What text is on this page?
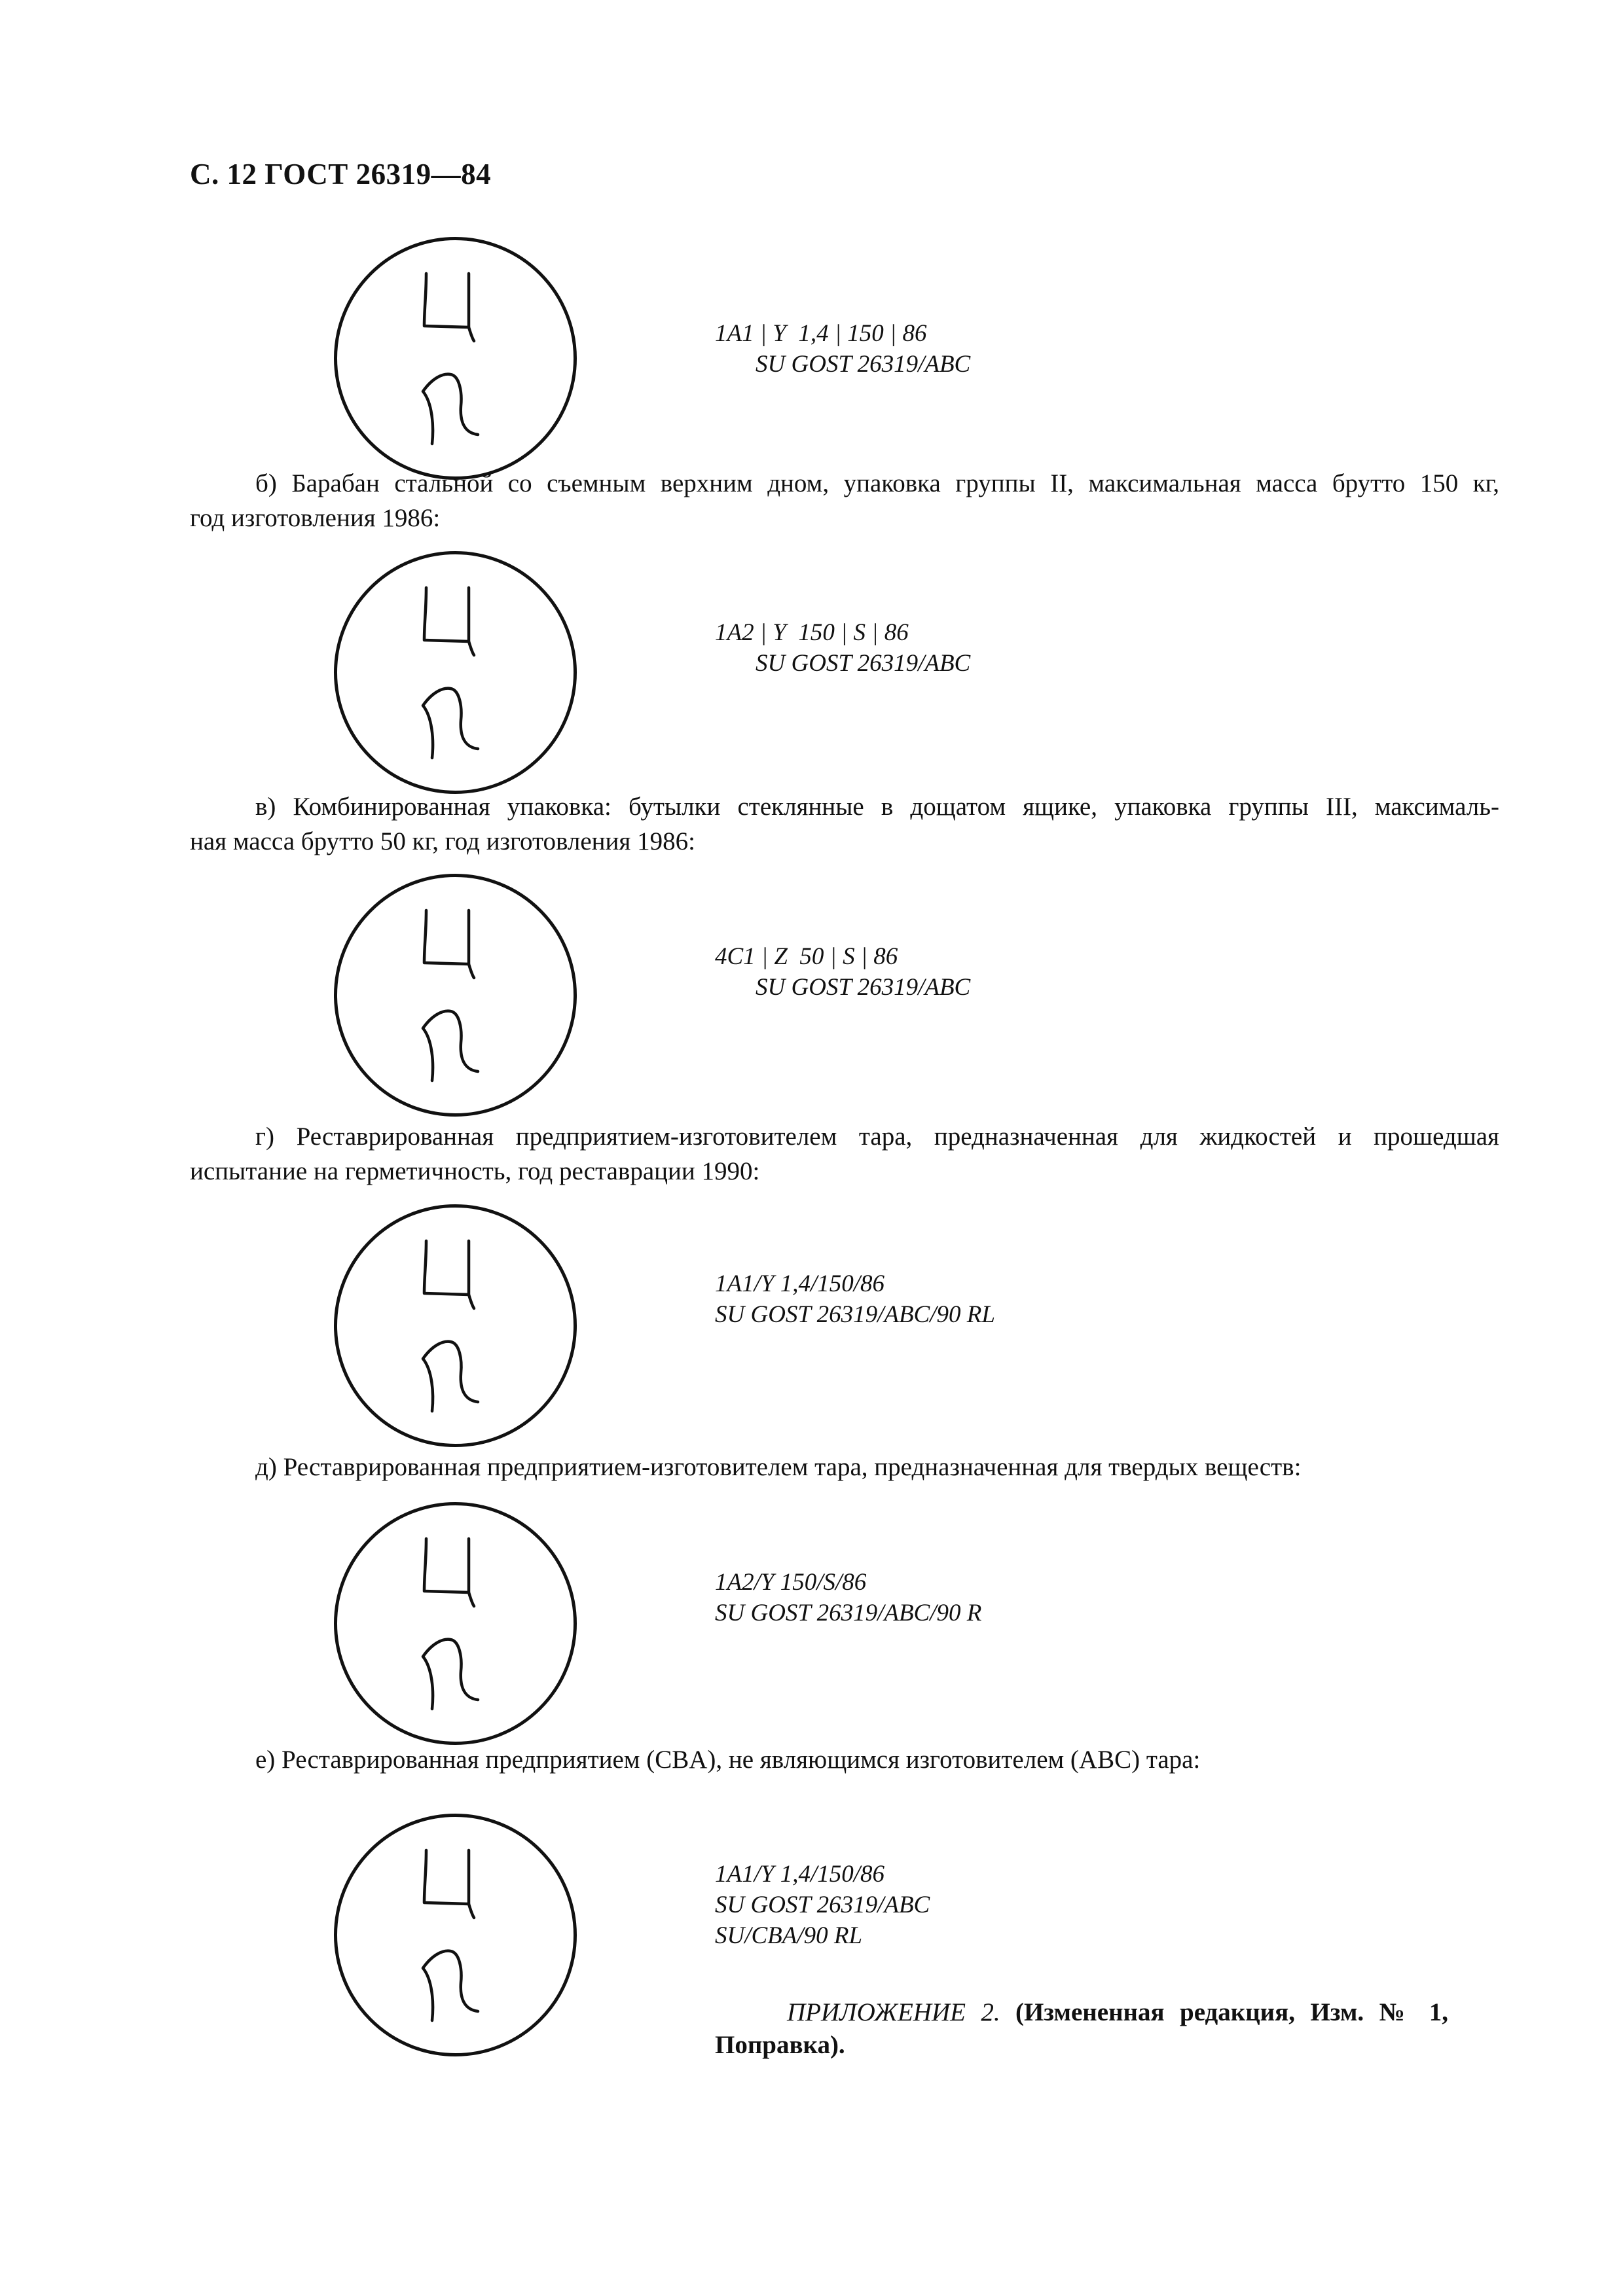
С. 12 ГОСТ 26319—84
1A1 | Y  1,4 | 150 | 86
SU GOST 26319/ABC
б) Барабан стальной со съемным верхним дном, упаковка группы II, максимальная масса брутто 150 кг,
год изготовления 1986:
1A2 | Y  150 | S | 86
SU GOST 26319/ABC
в) Комбинированная упаковка: бутылки стеклянные в дощатом ящике, упаковка группы III, максималь-
ная масса брутто 50 кг, год изготовления 1986:
4C1 | Z  50 | S | 86
SU GOST 26319/ABC
г) Реставрированная предприятием-изготовителем тара, предназначенная для жидкостей и прошедшая
испытание на герметичность, год реставрации 1990:
1A1/Y 1,4/150/86
SU GOST 26319/ABC/90 RL
д) Реставрированная предприятием-изготовителем тара, предназначенная для твердых веществ:
1A2/Y 150/S/86
SU GOST 26319/ABC/90 R
е) Реставрированная предприятием (CBA), не являющимся изготовителем (ABC) тара:
1A1/Y 1,4/150/86
SU GOST 26319/ABC
SU/CBA/90 RL
ПРИЛОЖЕНИЕ 2. (Измененная редакция, Изм. № 1,
Поправка).
